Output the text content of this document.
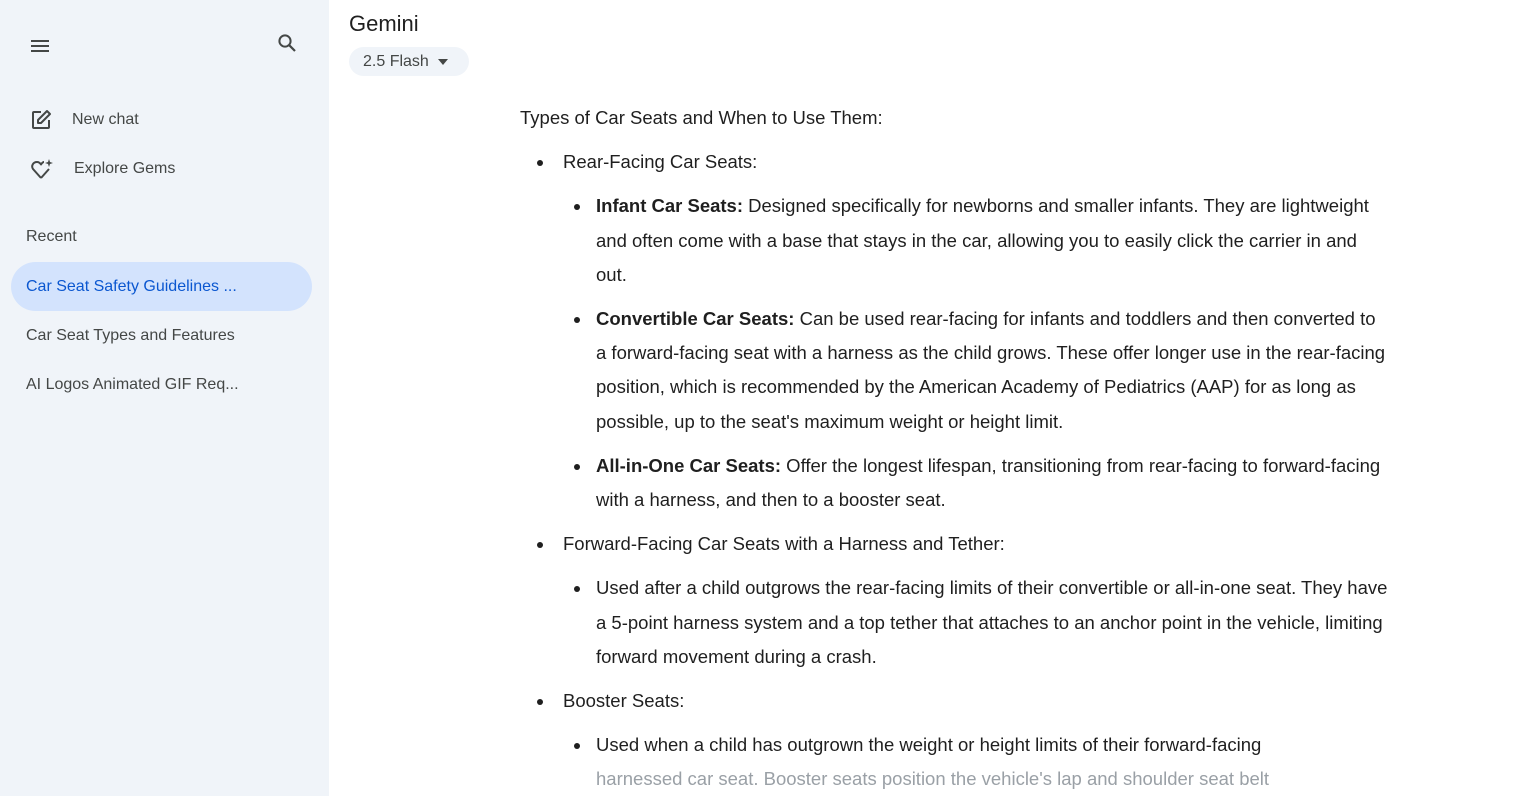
New chat
Explore Gems
Recent
Car Seat Safety Guidelines ...
Car Seat Types and Features
AI Logos Animated GIF Req...
Gemini
2.5 Flash
Types of Car Seats and When to Use Them:
Rear-Facing Car Seats:
Infant Car Seats: Designed specifically for newborns and smaller infants. They are lightweight and often come with a base that stays in the car, allowing you to easily click the carrier in and out.
Convertible Car Seats: Can be used rear-facing for infants and toddlers and then converted to a forward-facing seat with a harness as the child grows. These offer longer use in the rear-facing position, which is recommended by the American Academy of Pediatrics (AAP) for as long as possible, up to the seat's maximum weight or height limit.
All-in-One Car Seats: Offer the longest lifespan, transitioning from rear-facing to forward-facing with a harness, and then to a booster seat.
Forward-Facing Car Seats with a Harness and Tether:
Used after a child outgrows the rear-facing limits of their convertible or all-in-one seat. They have a 5-point harness system and a top tether that attaches to an anchor point in the vehicle, limiting forward movement during a crash.
Booster Seats:
Used when a child has outgrown the weight or height limits of their forward-facing
harnessed car seat. Booster seats position the vehicle's lap and shoulder seat belt
